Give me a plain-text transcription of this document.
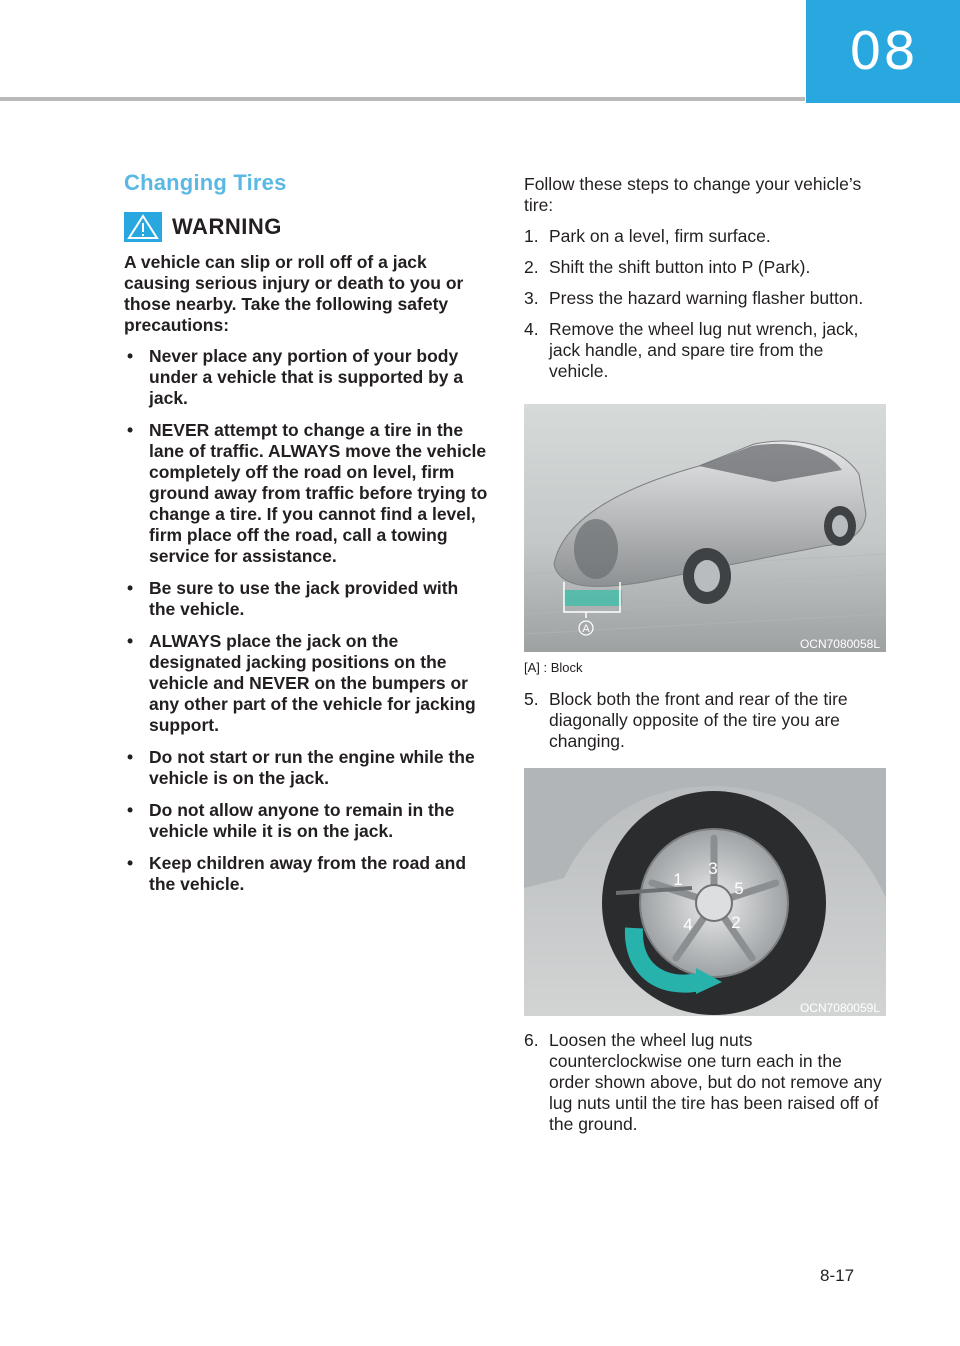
08
Changing Tires
WARNING

A vehicle can slip or roll off of a jack causing serious injury or death to you or those nearby. Take the following safety precautions:

• Never place any portion of your body under a vehicle that is supported by a jack.
• NEVER attempt to change a tire in the lane of traffic. ALWAYS move the vehicle completely off the road on level, firm ground away from traffic before trying to change a tire. If you cannot find a level, firm place off the road, call a towing service for assistance.
• Be sure to use the jack provided with the vehicle.
• ALWAYS place the jack on the designated jacking positions on the vehicle and NEVER on the bumpers or any other part of the vehicle for jacking support.
• Do not start or run the engine while the vehicle is on the jack.
• Do not allow anyone to remain in the vehicle while it is on the jack.
• Keep children away from the road and the vehicle.

Follow these steps to change your vehicle’s tire:

1. Park on a level, firm surface.
2. Shift the shift button into P (Park).
3. Press the hazard warning flasher button.
4. Remove the wheel lug nut wrench, jack, jack handle, and spare tire from the vehicle.
A
OCN7080058L
[A] : Block
5. Block both the front and rear of the tire diagonally opposite of the tire you are changing.
1
2
3
4
5
OCN7080059L
6. Loosen the wheel lug nuts counterclockwise one turn each in the order shown above, but do not remove any lug nuts until the tire has been raised off of the ground.
8-17
